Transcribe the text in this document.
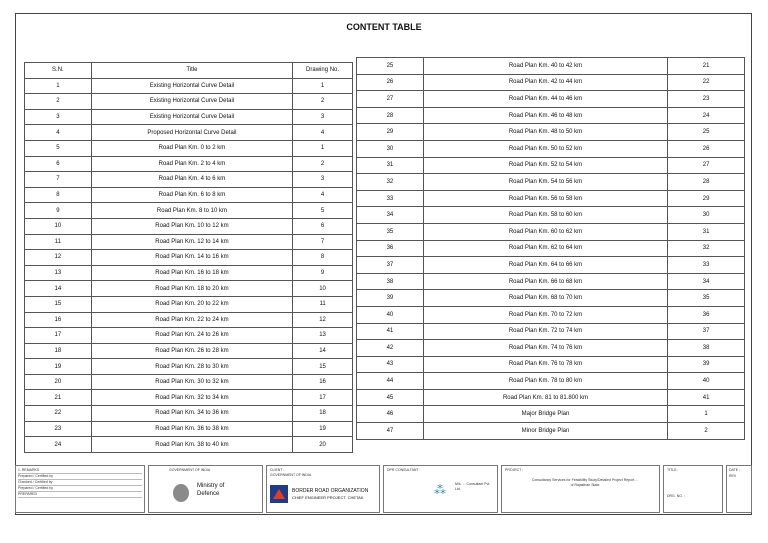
CONTENT TABLE
S.N.	Title	Drawing No.
1	Existing Horizontal Curve Detail	1
2	Existing Horizontal Curve Detail	2
3	Existing Horizontal Curve Detail	3
4	Proposed Horizontal Curve Detail	4
5	Road Plan Km. 0 to 2 km	1
6	Road Plan Km. 2 to 4 km	2
7	Road Plan Km. 4 to 6 km	3
8	Road Plan Km. 6 to 8 km	4
9	Road Plan Km. 8 to 10 km	5
10	Road Plan Km. 10 to 12 km	6
11	Road Plan Km. 12 to 14 km	7
12	Road Plan Km. 14 to 16 km	8
13	Road Plan Km. 16 to 18 km	9
14	Road Plan Km. 18 to 20 km	10
15	Road Plan Km. 20 to 22 km	11
16	Road Plan Km. 22 to 24 km	12
17	Road Plan Km. 24 to 26 km	13
18	Road Plan Km. 26 to 28 km	14
19	Road Plan Km. 28 to 30 km	15
20	Road Plan Km. 30 to 32 km	16
21	Road Plan Km. 32 to 34 km	17
22	Road Plan Km. 34 to 36 km	18
23	Road Plan Km. 36 to 38 km	19
24	Road Plan Km. 38 to 40 km	20
25	Road Plan Km. 40 to 42 km	21
26	Road Plan Km. 42 to 44 km	22
27	Road Plan Km. 44 to 46 km	23
28	Road Plan Km. 46 to 48 km	24
29	Road Plan Km. 48 to 50 km	25
30	Road Plan Km. 50 to 52 km	26
31	Road Plan Km. 52 to 54 km	27
32	Road Plan Km. 54 to 56 km	28
33	Road Plan Km. 56 to 58 km	29
34	Road Plan Km. 58 to 60 km	30
35	Road Plan Km. 60 to 62 km	31
36	Road Plan Km. 62 to 64 km	32
37	Road Plan Km. 64 to 66 km	33
38	Road Plan Km. 66 to 68 km	34
39	Road Plan Km. 68 to 70 km	35
40	Road Plan Km. 70 to 72 km	36
41	Road Plan Km. 72 to 74 km	37
42	Road Plan Km. 74 to 76 km	38
43	Road Plan Km. 76 to 78 km	39
44	Road Plan Km. 78 to 80 km	40
45	Road Plan Km. 81 to 81.800 km	41
46	Major Bridge Plan	1
47	Minor Bridge Plan	2
1. REMARKS
Prepared / Certified by
Checked / Certified by
Prepared / Certified by
PREPARED
GOVERNMENT OF INDIA
Ministry of
Defence
CLIENT :
GOVERNMENT OF INDIA
BORDER ROAD ORGANIZATION
CHIEF ENGINEER PROJECT, CHETAK
DPR CONSULTANT :
⁂	M/s. ... Consultant Pvt. Ltd.
PROJECT :
Consultancy Services for Feasibility Study/Detailed Project Report ... of Rajasthan State
TITLE :
DRG. NO. :
DATE :
REV
